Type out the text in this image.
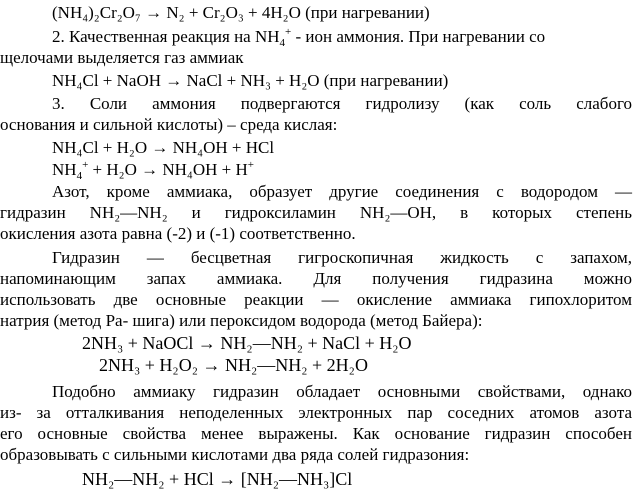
(NH₄)₂Cr₂O₇ → N₂ + Cr₂O₃ + 4H₂O (при нагревании)
2. Качественная реакция на $NH_4^+$ - ион аммония. При нагревании со
щелочами выделяется газ аммиак
NH₄Cl + NaOH → NaCl + NH₃ + H₂O (при нагревании)
3. Соли аммония подвергаются гидролизу (как соль слабого
основания и сильной кислоты) – среда кислая:
NH₄Cl + H₂O → NH₄OH + HCl
$NH_4^+ + H_2O \to NH_4OH + H^+$
Азот, кроме аммиака, образует другие соединения с водородом —
гидразин NH₂—NH₂ и гидроксиламин NH₂—OH, в которых степень
окисления азота равна (-2) и (-1) соответственно.
Гидразин — бесцветная гигроскопичная жидкость с запахом,
напоминающим запах аммиака. Для получения гидразина можно
использовать две основные реакции — окисление аммиака гипохлоритом
натрия (метод Ра- шига) или пероксидом водорода (метод Байера):
2NH₃ + NaOCl → NH₂—NH₂ + NaCl + H₂O
2NH₃ + H₂O₂ → NH₂—NH₂ + 2H₂O
Подобно аммиаку гидразин обладает основными свойствами, однако
из- за отталкивания неподеленных электронных пар соседних атомов азота
его основные свойства менее выражены. Как основание гидразин способен
образовывать с сильными кислотами два ряда солей гидразония:
NH₂—NH₂ + HCl → [NH₂—NH₃]Cl
